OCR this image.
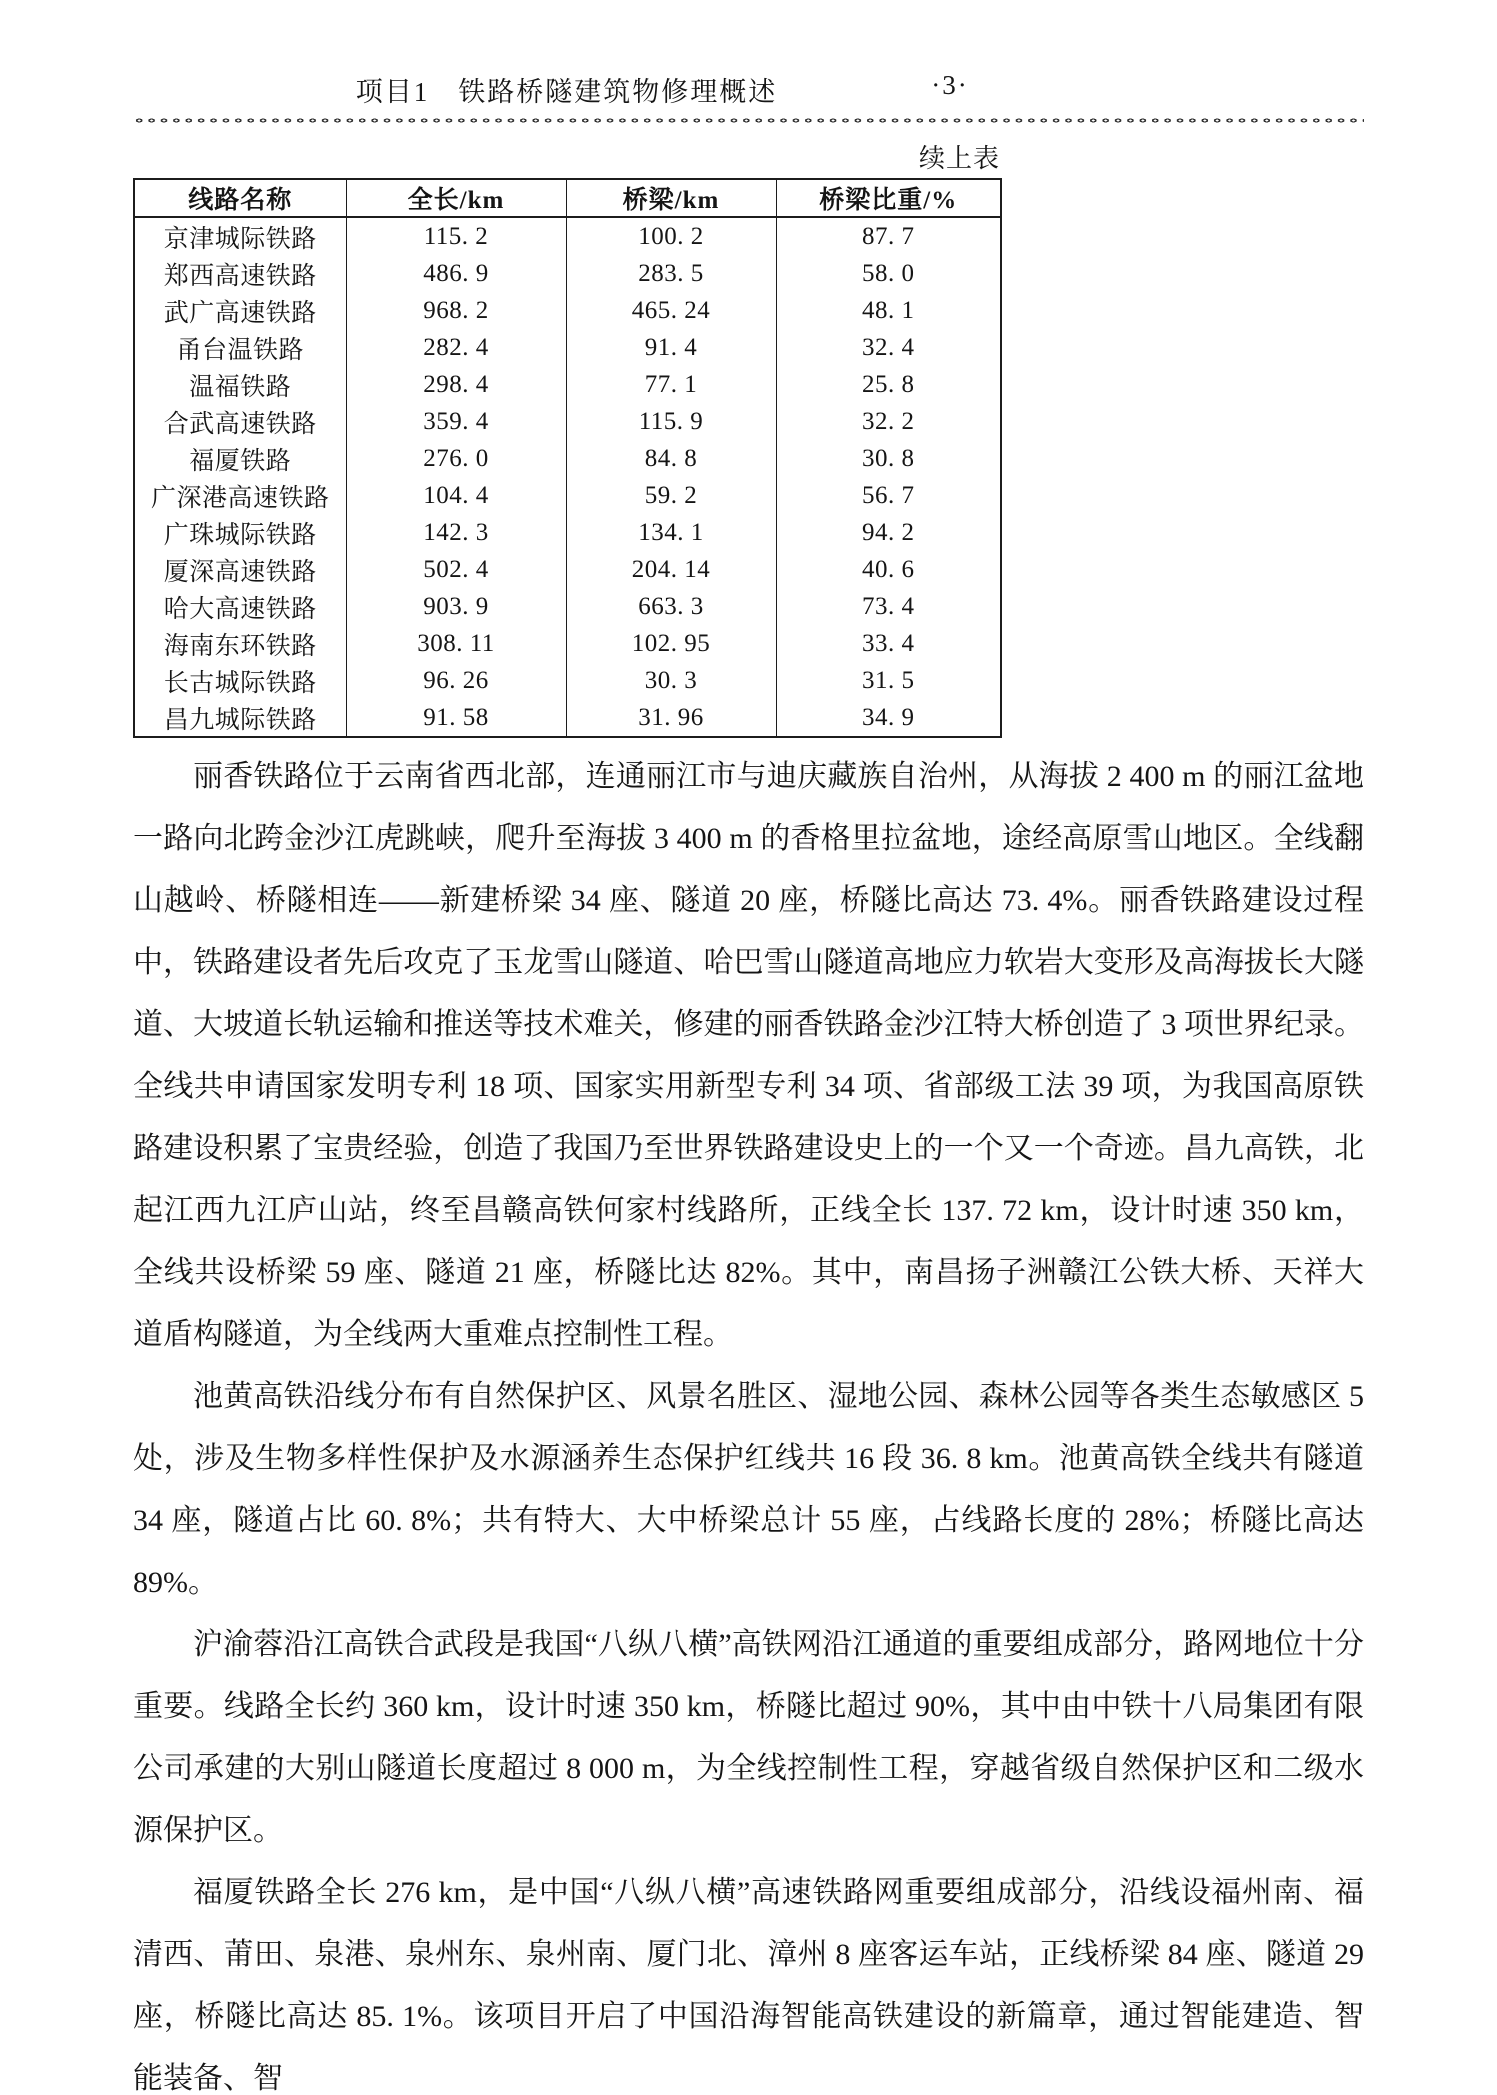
项目1　铁路桥隧建筑物修理概述	·3·
续上表
线路名称	全长/km	桥梁/km	桥梁比重/%
京津城际铁路	115. 2	100. 2	87. 7
郑西高速铁路	486. 9	283. 5	58. 0
武广高速铁路	968. 2	465. 24	48. 1
甬台温铁路	282. 4	91. 4	32. 4
温福铁路	298. 4	77. 1	25. 8
合武高速铁路	359. 4	115. 9	32. 2
福厦铁路	276. 0	84. 8	30. 8
广深港高速铁路	104. 4	59. 2	56. 7
广珠城际铁路	142. 3	134. 1	94. 2
厦深高速铁路	502. 4	204. 14	40. 6
哈大高速铁路	903. 9	663. 3	73. 4
海南东环铁路	308. 11	102. 95	33. 4
长古城际铁路	96. 26	30. 3	31. 5
昌九城际铁路	91. 58	31. 96	34. 9

丽香铁路位于云南省西北部，连通丽江市与迪庆藏族自治州，从海拔 2 400 m 的丽江盆地一路向北跨金沙江虎跳峡，爬升至海拔 3 400 m 的香格里拉盆地，途经高原雪山地区。全线翻山越岭、桥隧相连——新建桥梁 34 座、隧道 20 座，桥隧比高达 73. 4%。丽香铁路建设过程中，铁路建设者先后攻克了玉龙雪山隧道、哈巴雪山隧道高地应力软岩大变形及高海拔长大隧道、大坡道长轨运输和推送等技术难关，修建的丽香铁路金沙江特大桥创造了 3 项世界纪录。全线共申请国家发明专利 18 项、国家实用新型专利 34 项、省部级工法 39 项，为我国高原铁路建设积累了宝贵经验，创造了我国乃至世界铁路建设史上的一个又一个奇迹。昌九高铁，北起江西九江庐山站，终至昌赣高铁何家村线路所，正线全长 137. 72 km，设计时速 350 km，全线共设桥梁 59 座、隧道 21 座，桥隧比达 82%。其中，南昌扬子洲赣江公铁大桥、天祥大道盾构隧道，为全线两大重难点控制性工程。

池黄高铁沿线分布有自然保护区、风景名胜区、湿地公园、森林公园等各类生态敏感区 5 处，涉及生物多样性保护及水源涵养生态保护红线共 16 段 36. 8 km。池黄高铁全线共有隧道 34 座，隧道占比 60. 8%；共有特大、大中桥梁总计 55 座，占线路长度的 28%；桥隧比高达 89%。

沪渝蓉沿江高铁合武段是我国“八纵八横”高铁网沿江通道的重要组成部分，路网地位十分重要。线路全长约 360 km，设计时速 350 km，桥隧比超过 90%，其中由中铁十八局集团有限公司承建的大别山隧道长度超过 8 000 m，为全线控制性工程，穿越省级自然保护区和二级水源保护区。

福厦铁路全长 276 km，是中国“八纵八横”高速铁路网重要组成部分，沿线设福州南、福清西、莆田、泉港、泉州东、泉州南、厦门北、漳州 8 座客运车站，正线桥梁 84 座、隧道 29 座，桥隧比高达 85. 1%。该项目开启了中国沿海智能高铁建设的新篇章，通过智能建造、智能装备、智
